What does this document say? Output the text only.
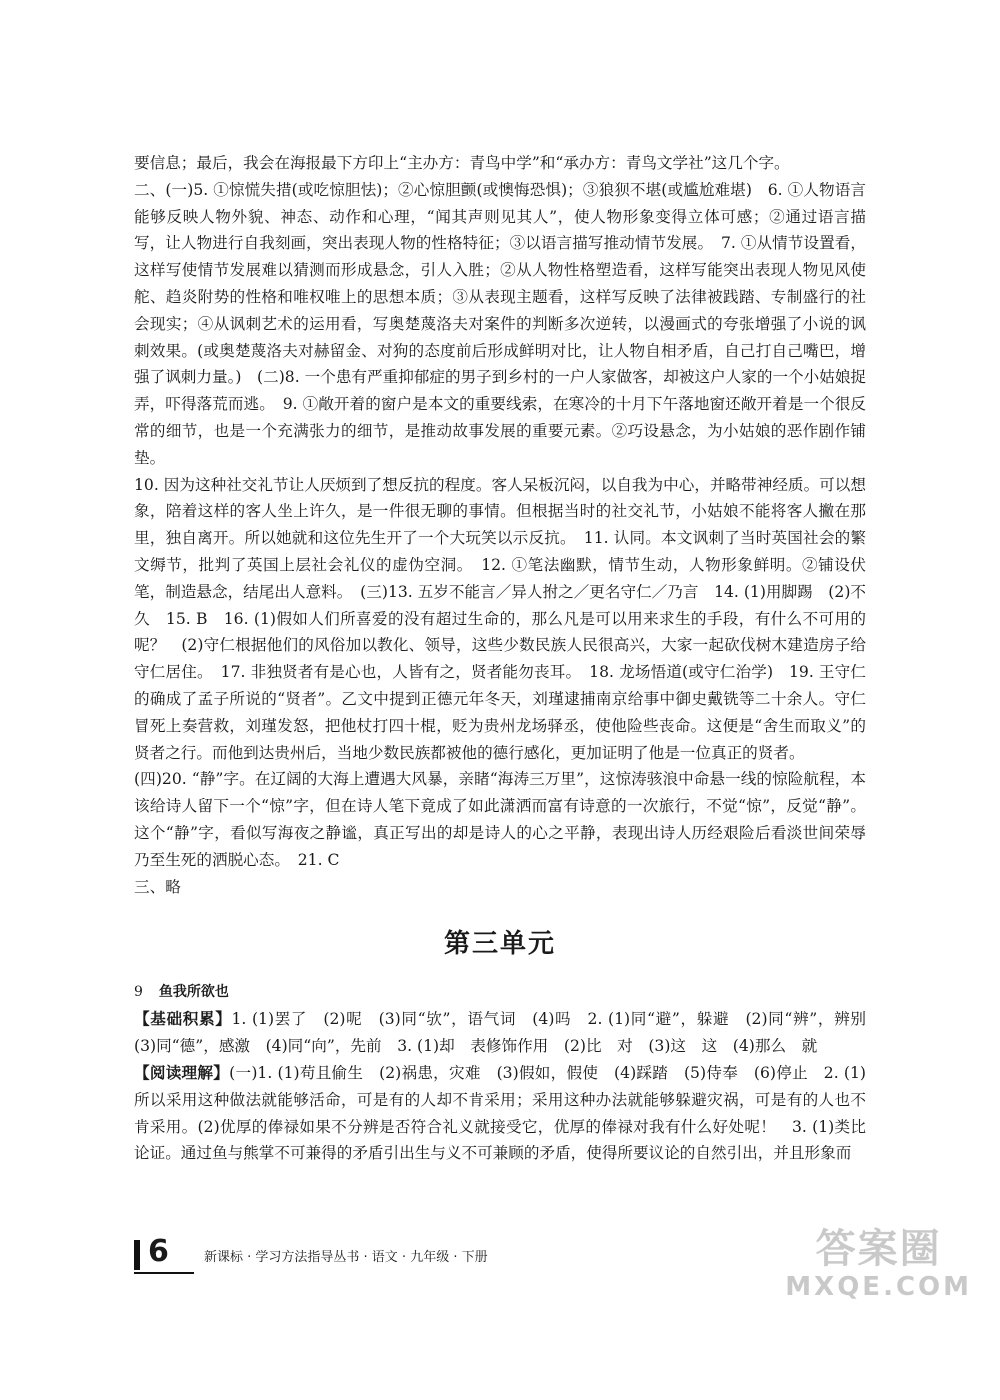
要信息；最后，我会在海报最下方印上“主办方：青鸟中学”和“承办方：青鸟文学社”这几个字。

二、(一)5. ①惊慌失措(或吃惊胆怯)；②心惊胆颤(或懊悔恐惧)；③狼狈不堪(或尴尬难堪)　6. ①人物语言能够反映人物外貌、神态、动作和心理，“闻其声则见其人”，使人物形象变得立体可感；②通过语言描写，让人物进行自我刻画，突出表现人物的性格特征；③以语言描写推动情节发展。　7. ①从情节设置看，这样写使情节发展难以猜测而形成悬念，引人入胜；②从人物性格塑造看，这样写能突出表现人物见风使舵、趋炎附势的性格和唯权唯上的思想本质；③从表现主题看，这样写反映了法律被践踏、专制盛行的社会现实；④从讽刺艺术的运用看，写奥楚蔑洛夫对案件的判断多次逆转，以漫画式的夸张增强了小说的讽刺效果。(或奥楚蔑洛夫对赫留金、对狗的态度前后形成鲜明对比，让人物自相矛盾，自己打自己嘴巴，增强了讽刺力量。)　(二)8. 一个患有严重抑郁症的男子到乡村的一户人家做客，却被这户人家的一个小姑娘捉弄，吓得落荒而逃。　9. ①敞开着的窗户是本文的重要线索，在寒冷的十月下午落地窗还敞开着是一个很反常的细节，也是一个充满张力的细节，是推动故事发展的重要元素。②巧设悬念，为小姑娘的恶作剧作铺垫。

10. 因为这种社交礼节让人厌烦到了想反抗的程度。客人呆板沉闷，以自我为中心，并略带神经质。可以想象，陪着这样的客人坐上许久，是一件很无聊的事情。但根据当时的社交礼节，小姑娘不能将客人撇在那里，独自离开。所以她就和这位先生开了一个大玩笑以示反抗。　11. 认同。本文讽刺了当时英国社会的繁文缛节，批判了英国上层社会礼仪的虚伪空洞。　12. ①笔法幽默，情节生动，人物形象鲜明。②铺设伏笔，制造悬念，结尾出人意料。　(三)13. 五岁不能言／异人拊之／更名守仁／乃言　14. (1)用脚踢　(2)不久　15. B　16. (1)假如人们所喜爱的没有超过生命的，那么凡是可以用来求生的手段，有什么不可用的呢？　(2)守仁根据他们的风俗加以教化、领导，这些少数民族人民很高兴，大家一起砍伐树木建造房子给守仁居住。　17. 非独贤者有是心也，人皆有之，贤者能勿丧耳。　18. 龙场悟道(或守仁治学)　19. 王守仁的确成了孟子所说的“贤者”。乙文中提到正德元年冬天，刘瑾逮捕南京给事中御史戴铣等二十余人。守仁冒死上奏营救，刘瑾发怒，把他杖打四十棍，贬为贵州龙场驿丞，使他险些丧命。这便是“舍生而取义”的贤者之行。而他到达贵州后，当地少数民族都被他的德行感化，更加证明了他是一位真正的贤者。

(四)20. “静”字。在辽阔的大海上遭遇大风暴，亲睹“海涛三万里”，这惊涛骇浪中命悬一线的惊险航程，本该给诗人留下一个“惊”字，但在诗人笔下竟成了如此潇洒而富有诗意的一次旅行，不觉“惊”，反觉“静”。这个“静”字，看似写海夜之静谧，真正写出的却是诗人的心之平静，表现出诗人历经艰险后看淡世间荣辱乃至生死的洒脱心态。　21. C

三、略

第三单元
9 鱼我所欲也

【基础积累】1. (1)罢了　(2)呢　(3)同“欤”，语气词　(4)吗　2. (1)同“避”，躲避　(2)同“辨”，辨别　(3)同“德”，感激　(4)同“向”，先前　3. (1)却　表修饰作用　(2)比　对　(3)这　这　(4)那么　就

【阅读理解】(一)1. (1)苟且偷生　(2)祸患，灾难　(3)假如，假使　(4)踩踏　(5)侍奉　(6)停止　2. (1)所以采用这种做法就能够活命，可是有的人却不肯采用；采用这种办法就能够躲避灾祸，可是有的人也不肯采用。(2)优厚的俸禄如果不分辨是否符合礼义就接受它，优厚的俸禄对我有什么好处呢！　3. (1)类比论证。通过鱼与熊掌不可兼得的矛盾引出生与义不可兼顾的矛盾，使得所要议论的自然引出，并且形象而

6	新课标 · 学习方法指导丛书 · 语文 · 九年级 · 下册	答案圈
MXQE.COM
